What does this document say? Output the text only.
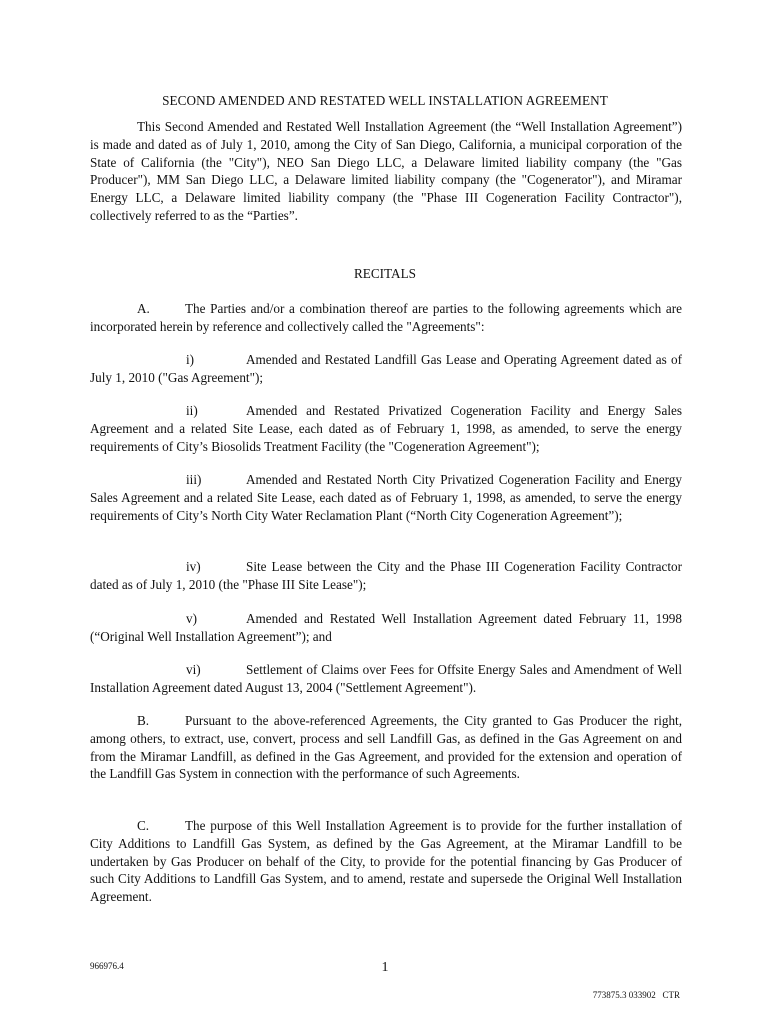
SECOND AMENDED AND RESTATED WELL INSTALLATION AGREEMENT

This Second Amended and Restated Well Installation Agreement (the “Well Installation Agreement”) is made and dated as of July 1, 2010, among the City of San Diego, California, a municipal corporation of the State of California (the "City"), NEO San Diego LLC, a Delaware limited liability company (the "Gas Producer"), MM San Diego LLC, a Delaware limited liability company (the "Cogenerator"), and Miramar Energy LLC, a Delaware limited liability company (the "Phase III Cogeneration Facility Contractor"), collectively referred to as the “Parties”.

RECITALS

A.	The Parties and/or a combination thereof are parties to the following agreements which are incorporated herein by reference and collectively called the "Agreements":

i)	Amended and Restated Landfill Gas Lease and Operating Agreement dated as of July 1, 2010 ("Gas Agreement");

ii)	Amended and Restated Privatized Cogeneration Facility and Energy Sales Agreement and a related Site Lease, each dated as of February 1, 1998, as amended, to serve the energy requirements of City’s Biosolids Treatment Facility (the "Cogeneration Agreement");

iii)	Amended and Restated North City Privatized Cogeneration Facility and Energy Sales Agreement and a related Site Lease, each dated as of February 1, 1998, as amended, to serve the energy requirements of City’s North City Water Reclamation Plant (“North City Cogeneration Agreement”);

iv)	Site Lease between the City and the Phase III Cogeneration Facility Contractor dated as of July 1, 2010 (the "Phase III Site Lease");

v)	Amended and Restated Well Installation Agreement dated February 11, 1998 (“Original Well Installation Agreement”); and

vi)	Settlement of Claims over Fees for Offsite Energy Sales and Amendment of Well Installation Agreement dated August 13, 2004 ("Settlement Agreement").

B.	Pursuant to the above-referenced Agreements, the City granted to Gas Producer the right, among others, to extract, use, convert, process and sell Landfill Gas, as defined in the Gas Agreement on and from the Miramar Landfill, as defined in the Gas Agreement, and provided for the extension and operation of the Landfill Gas System in connection with the performance of such Agreements.

C.	The purpose of this Well Installation Agreement is to provide for the further installation of City Additions to Landfill Gas System, as defined by the Gas Agreement, at the Miramar Landfill to be undertaken by Gas Producer on behalf of the City, to provide for the potential financing by Gas Producer of such City Additions to Landfill Gas System, and to amend, restate and supersede the Original Well Installation Agreement.

966976.4	1
773875.3 033902   CTR
